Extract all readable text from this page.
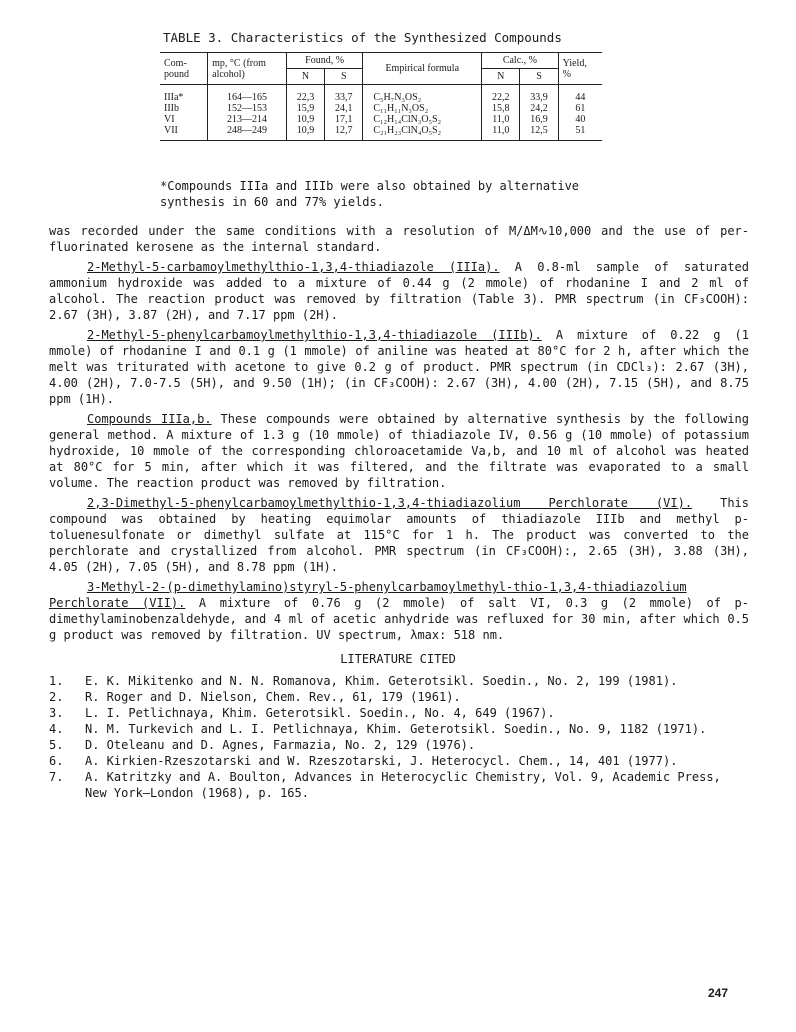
TABLE 3. Characteristics of the Synthesized Compounds
Com-
pound	mp, °C (from
alcohol)	Found, %		Empirical formula	Calc., %		Yield,
%
		N	S		N	S	
IIIa*	164—165	22,3	33,7	C₅H₇N₃OS₂	22,2	33,9	44
IIIb	152—153	15,9	24,1	C₁₁H₁₁N₃OS₂	15,8	24,2	61
VI	213—214	10,9	17,1	C₁₂H₁₄ClN₃O₅S₂	11,0	16,9	40
VII	248—249	10,9	12,7	C₂₁H₂₃ClN₄O₅S₂	11,0	12,5	51
*Compounds IIIa and IIIb were also obtained by alternative synthesis in 60 and 77% yields.

was recorded under the same conditions with a resolution of M/ΔM∿10,000 and the use of per-fluorinated kerosene as the internal standard.

2-Methyl-5-carbamoylmethylthio-1,3,4-thiadiazole (IIIa). A 0.8-ml sample of saturated ammonium hydroxide was added to a mixture of 0.44 g (2 mmole) of rhodanine I and 2 ml of alcohol. The reaction product was removed by filtration (Table 3). PMR spectrum (in CF₃COOH): 2.67 (3H), 3.87 (2H), and 7.17 ppm (2H).

2-Methyl-5-phenylcarbamoylmethylthio-1,3,4-thiadiazole (IIIb). A mixture of 0.22 g (1 mmole) of rhodanine I and 0.1 g (1 mmole) of aniline was heated at 80°C for 2 h, after which the melt was triturated with acetone to give 0.2 g of product. PMR spectrum (in CDCl₃): 2.67 (3H), 4.00 (2H), 7.0-7.5 (5H), and 9.50 (1H); (in CF₃COOH): 2.67 (3H), 4.00 (2H), 7.15 (5H), and 8.75 ppm (1H).

Compounds IIIa,b. These compounds were obtained by alternative synthesis by the following general method. A mixture of 1.3 g (10 mmole) of thiadiazole IV, 0.56 g (10 mmole) of potassium hydroxide, 10 mmole of the corresponding chloroacetamide Va,b, and 10 ml of alcohol was heated at 80°C for 5 min, after which it was filtered, and the filtrate was evaporated to a small volume. The reaction product was removed by filtration.

2,3-Dimethyl-5-phenylcarbamoylmethylthio-1,3,4-thiadiazolium Perchlorate (VI). This compound was obtained by heating equimolar amounts of thiadiazole IIIb and methyl p-toluenesulfonate or dimethyl sulfate at 115°C for 1 h. The product was converted to the perchlorate and crystallized from alcohol. PMR spectrum (in CF₃COOH):, 2.65 (3H), 3.88 (3H), 4.05 (2H), 7.05 (5H), and 8.78 ppm (1H).

3-Methyl-2-(p-dimethylamino)styryl-5-phenylcarbamoylmethyl-thio-1,3,4-thiadiazolium Perchlorate (VII). A mixture of 0.76 g (2 mmole) of salt VI, 0.3 g (2 mmole) of p-dimethylaminobenzaldehyde, and 4 ml of acetic anhydride was refluxed for 30 min, after which 0.5 g product was removed by filtration. UV spectrum, λmax: 518 nm.

LITERATURE CITED
1.	E. K. Mikitenko and N. N. Romanova, Khim. Geterotsikl. Soedin., No. 2, 199 (1981).
2.	R. Roger and D. Nielson, Chem. Rev., 61, 179 (1961).
3.	L. I. Petlichnaya, Khim. Geterotsikl. Soedin., No. 4, 649 (1967).
4.	N. M. Turkevich and L. I. Petlichnaya, Khim. Geterotsikl. Soedin., No. 9, 1182 (1971).
5.	D. Oteleanu and D. Agnes, Farmazia, No. 2, 129 (1976).
6.	A. Kirkien-Rzeszotarski and W. Rzeszotarski, J. Heterocycl. Chem., 14, 401 (1977).
7.	A. Katritzky and A. Boulton, Advances in Heterocyclic Chemistry, Vol. 9, Academic Press, New York—London (1968), p. 165.
247
